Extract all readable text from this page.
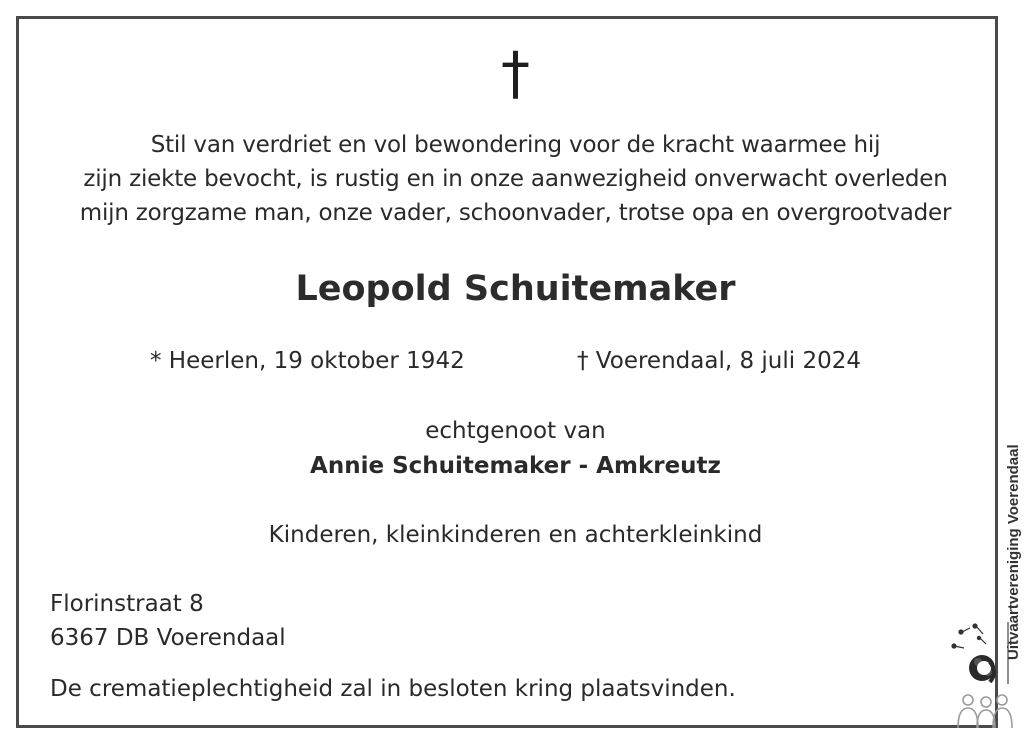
†
Stil van verdriet en vol bewondering voor de kracht waarmee hij
zijn ziekte bevocht, is rustig en in onze aanwezigheid onverwacht overleden
mijn zorgzame man, onze vader, schoonvader, trotse opa en overgrootvader
Leopold Schuitemaker
* Heerlen, 19 oktober 1942	† Voerendaal, 8 juli 2024
echtgenoot van
Annie Schuitemaker - Amkreutz
Kinderen, kleinkinderen en achterkleinkind
Florinstraat 8
6367 DB Voerendaal
De crematieplechtigheid zal in besloten kring plaatsvinden.
Uitvaartvereniging Voerendaal
